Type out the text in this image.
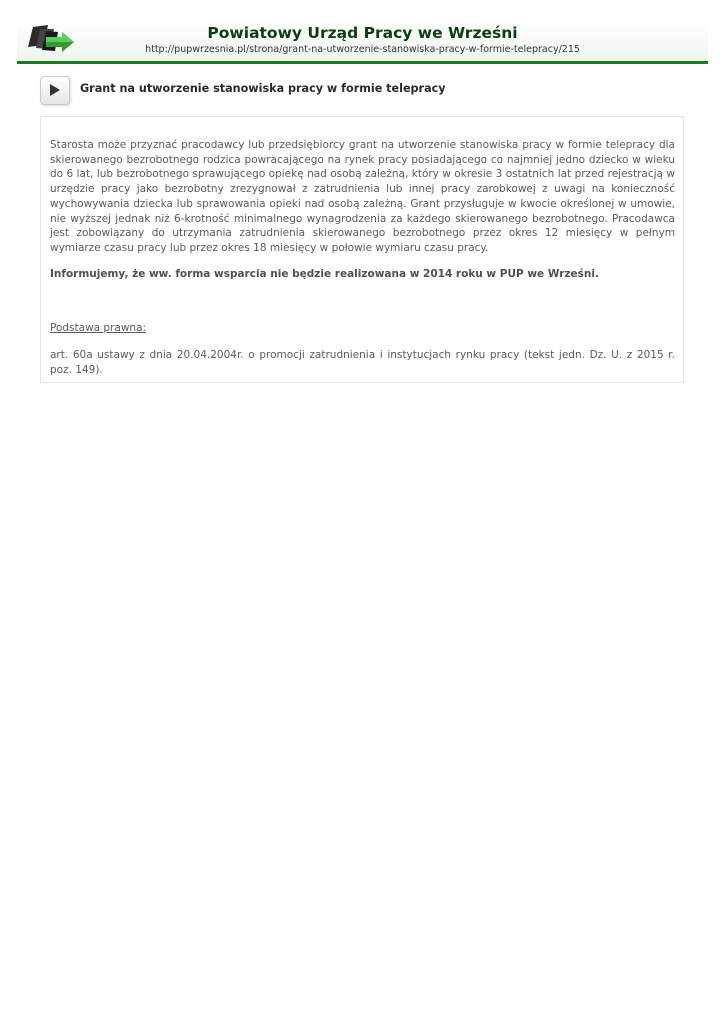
Powiatowy Urząd Pracy we Wrześni
http://pupwrzesnia.pl/strona/grant-na-utworzenie-stanowiska-pracy-w-formie-telepracy/215
Grant na utworzenie stanowiska pracy w formie telepracy

Starosta może przyznać pracodawcy lub przedsiębiorcy grant na utworzenie stanowiska pracy w formie telepracy dla skierowanego bezrobotnego rodzica powracającego na rynek pracy posiadającego co najmniej jedno dziecko w wieku do 6 lat, lub bezrobotnego sprawującego opiekę nad osobą zależną, który w okresie 3 ostatnich lat przed rejestracją w urzędzie pracy jako bezrobotny zrezygnował z zatrudnienia lub innej pracy zarobkowej z uwagi na konieczność wychowywania dziecka lub sprawowania opieki nad osobą zależną. Grant przysługuje w kwocie określonej w umowie, nie wyższej jednak niż 6-krotność minimalnego wynagrodzenia za każdego skierowanego bezrobotnego. Pracodawca jest zobowiązany do utrzymania zatrudnienia skierowanego bezrobotnego przez okres 12 miesięcy w pełnym wymiarze czasu pracy lub przez okres 18 miesięcy w połowie wymiaru czasu pracy.

Informujemy, że ww. forma wsparcia nie będzie realizowana w 2014 roku w PUP we Wrześni.

Podstawa prawna:

art. 60a ustawy z dnia 20.04.2004r. o promocji zatrudnienia i instytucjach rynku pracy (tekst jedn. Dz. U. z 2015 r. poz. 149).
